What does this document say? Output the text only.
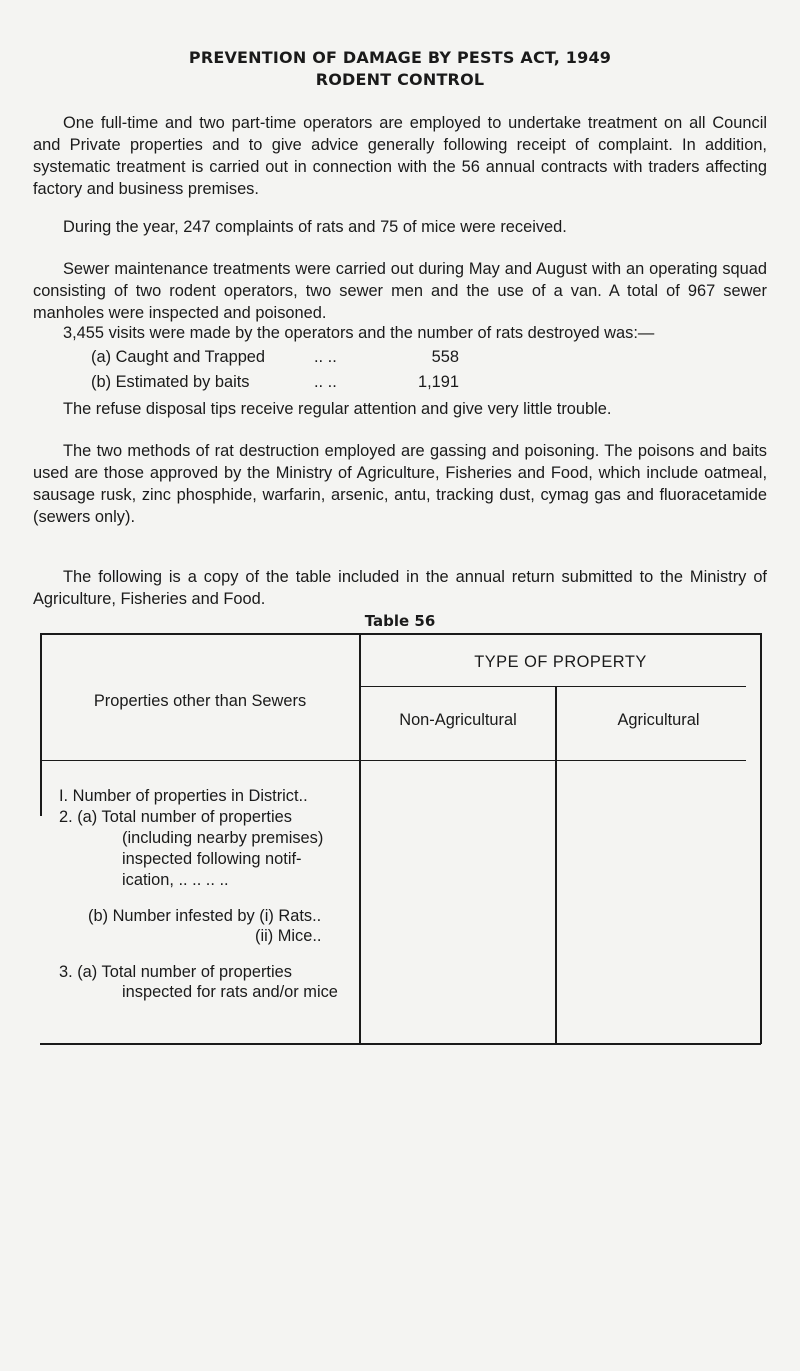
PREVENTION OF DAMAGE BY PESTS ACT, 1949
RODENT CONTROL
One full-time and two part-time operators are employed to undertake treatment on all Council and Private properties and to give advice generally following receipt of complaint. In addition, systematic treatment is carried out in connection with the 56 annual contracts with traders affecting factory and business premises.
During the year, 247 complaints of rats and 75 of mice were received.
Sewer maintenance treatments were carried out during May and August with an operating squad consisting of two rodent operators, two sewer men and the use of a van. A total of 967 sewer manholes were inspected and poisoned.
3,455 visits were made by the operators and the number of rats destroyed was:—
(a) Caught and Trapped	.. ..	558
(b) Estimated by baits	.. ..	1,191
The refuse disposal tips receive regular attention and give very little trouble.
The two methods of rat destruction employed are gassing and poisoning. The poisons and baits used are those approved by the Ministry of Agriculture, Fisheries and Food, which include oatmeal, sausage rusk, zinc phosphide, warfarin, arsenic, antu, tracking dust, cymag gas and fluoracetamide (sewers only).
The following is a copy of the table included in the annual return submitted to the Ministry of Agriculture, Fisheries and Food.
Table 56
Properties other than Sewers
TYPE OF PROPERTY
Non-Agricultural	Agricultural
I. Number of properties in District..
2. (a) Total number of properties
(including nearby premises)
inspected following notif-
ication, .. .. .. ..
(b) Number infested by (i) Rats..
(ii) Mice..
3. (a) Total number of properties
inspected for rats and/or mice
